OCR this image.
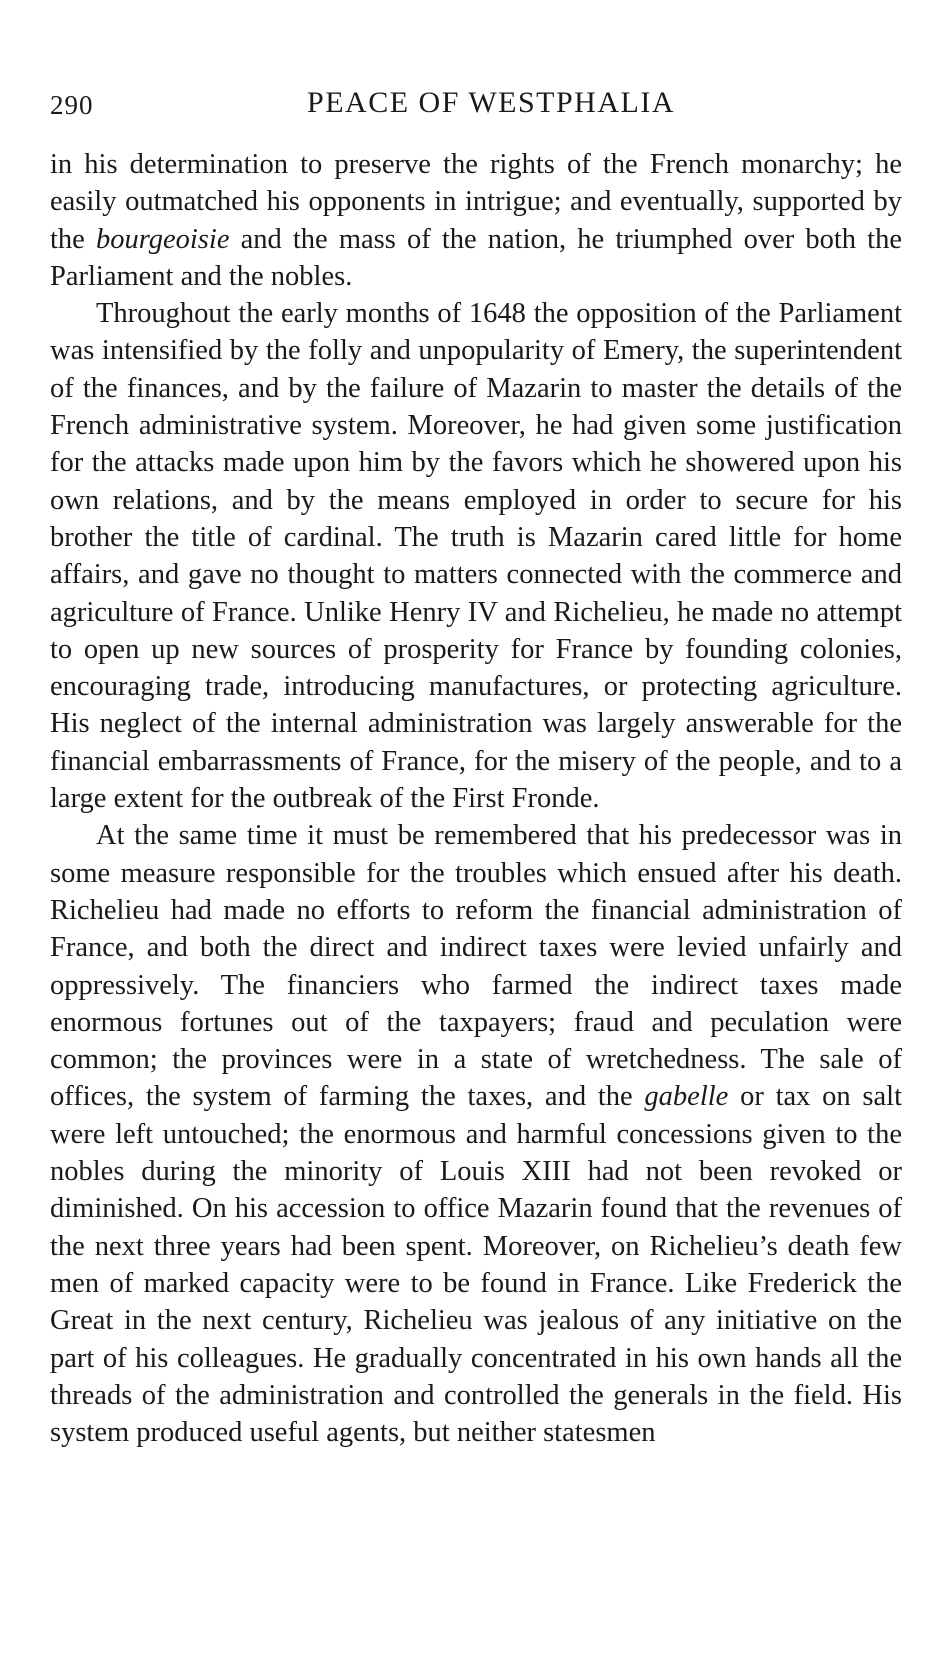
290	PEACE OF WESTPHALIA

in his determination to preserve the rights of the French monarchy; he easily outmatched his opponents in intrigue; and eventually, supported by the bourgeoisie and the mass of the nation, he triumphed over both the Parliament and the nobles.

Throughout the early months of 1648 the opposition of the Parliament was intensified by the folly and unpopularity of Emery, the superintendent of the finances, and by the failure of Mazarin to master the details of the French administrative system. Moreover, he had given some justification for the attacks made upon him by the favors which he showered upon his own relations, and by the means employed in order to secure for his brother the title of cardinal. The truth is Mazarin cared little for home affairs, and gave no thought to matters connected with the commerce and agriculture of France. Unlike Henry IV and Richelieu, he made no attempt to open up new sources of prosperity for France by founding colonies, encouraging trade, introducing manufactures, or protecting agriculture. His neglect of the internal administration was largely answerable for the financial embarrassments of France, for the misery of the people, and to a large extent for the outbreak of the First Fronde.

At the same time it must be remembered that his predecessor was in some measure responsible for the troubles which ensued after his death. Richelieu had made no efforts to reform the financial administration of France, and both the direct and indirect taxes were levied unfairly and oppressively. The financiers who farmed the indirect taxes made enormous fortunes out of the taxpayers; fraud and peculation were common; the provinces were in a state of wretchedness. The sale of offices, the system of farming the taxes, and the gabelle or tax on salt were left untouched; the enormous and harmful concessions given to the nobles during the minority of Louis XIII had not been revoked or diminished. On his accession to office Mazarin found that the revenues of the next three years had been spent. Moreover, on Richelieu’s death few men of marked capacity were to be found in France. Like Frederick the Great in the next century, Richelieu was jealous of any initiative on the part of his colleagues. He gradually concentrated in his own hands all the threads of the administration and controlled the generals in the field. His system produced useful agents, but neither statesmen
